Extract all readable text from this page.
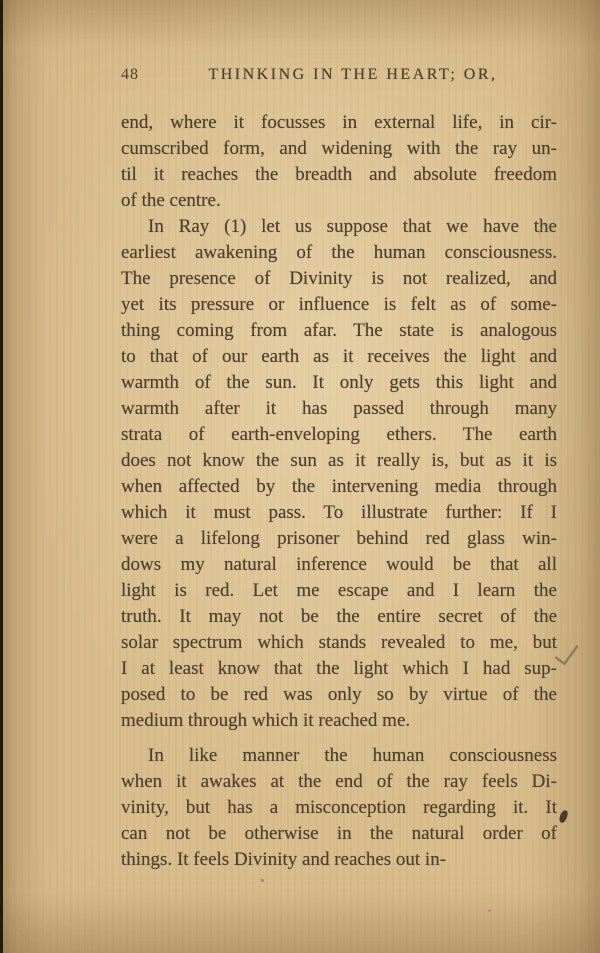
48	THINKING IN THE HEART; OR,
end, where it focusses in external life, in cir-
cumscribed form, and widening with the ray un-
til it reaches the breadth and absolute freedom
of the centre.
In Ray (1) let us suppose that we have the
earliest awakening of the human consciousness.
The presence of Divinity is not realized, and
yet its pressure or influence is felt as of some-
thing coming from afar. The state is analogous
to that of our earth as it receives the light and
warmth of the sun. It only gets this light and
warmth after it has passed through many
strata of earth-enveloping ethers. The earth
does not know the sun as it really is, but as it is
when affected by the intervening media through
which it must pass. To illustrate further: If I
were a lifelong prisoner behind red glass win-
dows my natural inference would be that all
light is red. Let me escape and I learn the
truth. It may not be the entire secret of the
solar spectrum which stands revealed to me, but
I at least know that the light which I had sup-
posed to be red was only so by virtue of the
medium through which it reached me.
In like manner the human consciousness
when it awakes at the end of the ray feels Di-
vinity, but has a misconception regarding it. It
can not be otherwise in the natural order of
things. It feels Divinity and reaches out in-
